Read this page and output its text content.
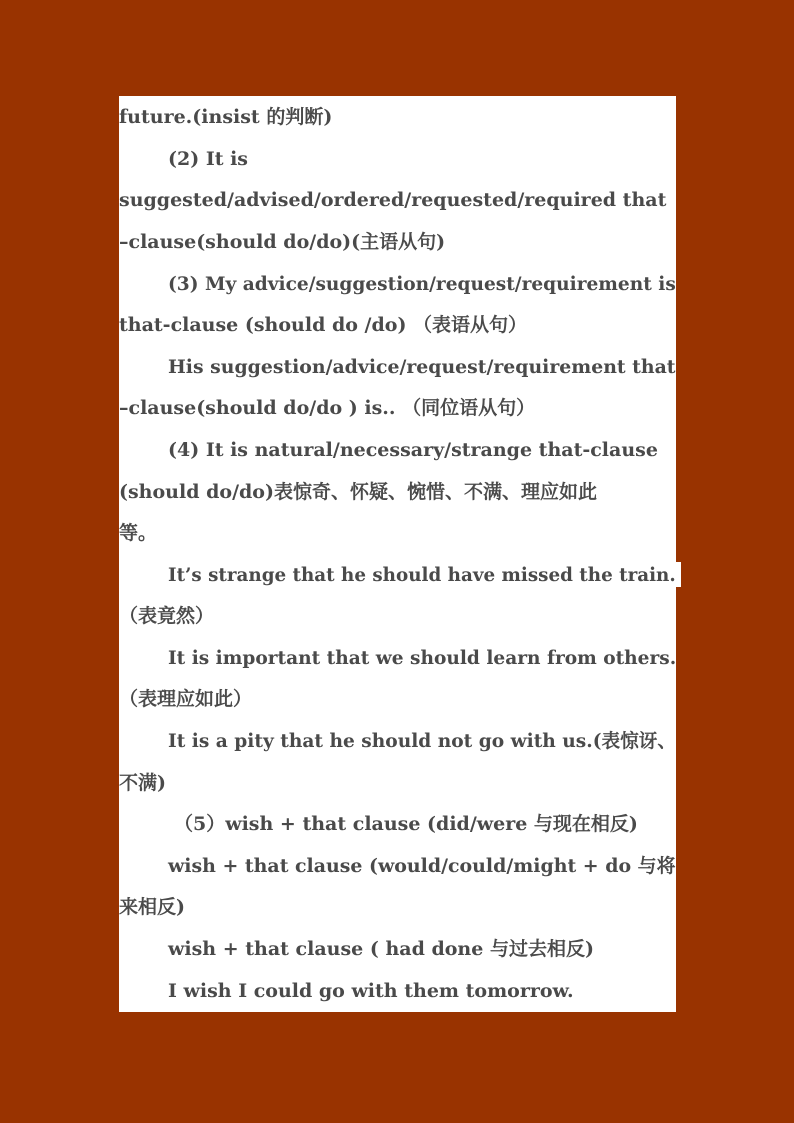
future.(insist 的判断)
(2) It is
suggested/advised/ordered/requested/required that
–clause(should do/do)(主语从句)
(3) My advice/suggestion/request/requirement is
that-clause (should do /do) （表语从句）
His suggestion/advice/request/requirement that
–clause(should do/do ) is.. （同位语从句）
(4) It is natural/necessary/strange that-clause
(should do/do)表惊奇、怀疑、惋惜、不满、理应如此
等。
It’s strange that he should have missed the train.
（表竟然）
It is important that we should learn from others.
（表理应如此）
It is a pity that he should not go with us.(表惊讶、
不满)
（5）wish + that clause (did/were 与现在相反)
wish + that clause (would/could/might + do 与将
来相反)
wish + that clause ( had done 与过去相反)
I wish I could go with them tomorrow.
